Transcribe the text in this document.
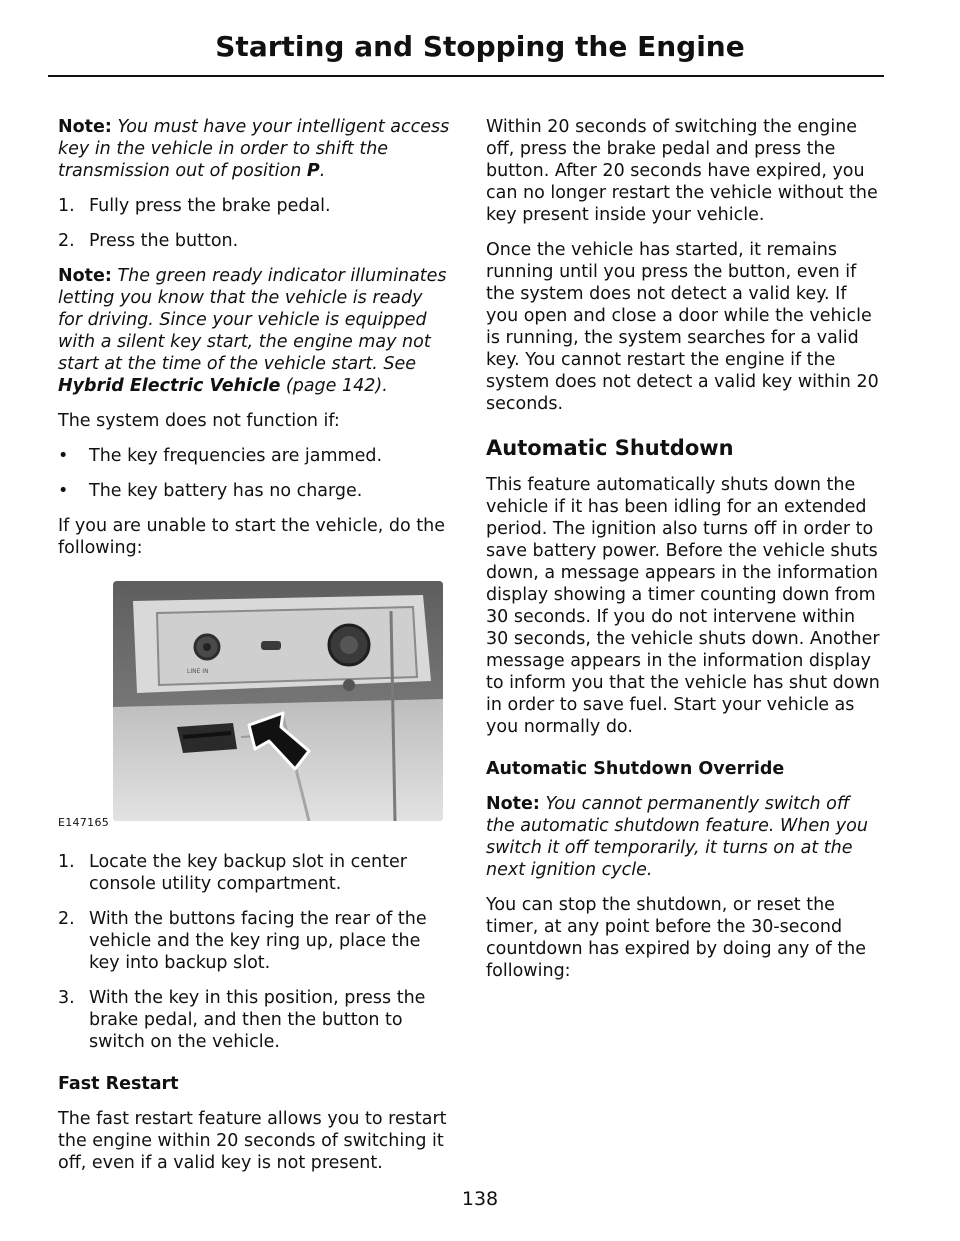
Starting and Stopping the Engine

Note: You must have your intelligent access key in the vehicle in order to shift the transmission out of position P.

1. Fully press the brake pedal.
2. Press the button.

Note: The green ready indicator illuminates letting you know that the vehicle is ready for driving. Since your vehicle is equipped with a silent key start, the engine may not start at the time of the vehicle start. See Hybrid Electric Vehicle (page 142).

The system does not function if:

• The key frequencies are jammed.
• The key battery has no charge.

If you are unable to start the vehicle, do the following:

LINE IN
E147165
1. Locate the key backup slot in center console utility compartment.
2. With the buttons facing the rear of the vehicle and the key ring up, place the key into backup slot.
3. With the key in this position, press the brake pedal, and then the button to switch on the vehicle.
Fast Restart

The fast restart feature allows you to restart the engine within 20 seconds of switching it off, even if a valid key is not present.

Within 20 seconds of switching the engine off, press the brake pedal and press the button. After 20 seconds have expired, you can no longer restart the vehicle without the key present inside your vehicle.

Once the vehicle has started, it remains running until you press the button, even if the system does not detect a valid key. If you open and close a door while the vehicle is running, the system searches for a valid key. You cannot restart the engine if the system does not detect a valid key within 20 seconds.

Automatic Shutdown

This feature automatically shuts down the vehicle if it has been idling for an extended period. The ignition also turns off in order to save battery power. Before the vehicle shuts down, a message appears in the information display showing a timer counting down from 30 seconds. If you do not intervene within 30 seconds, the vehicle shuts down. Another message appears in the information display to inform you that the vehicle has shut down in order to save fuel. Start your vehicle as you normally do.

Automatic Shutdown Override

Note: You cannot permanently switch off the automatic shutdown feature. When you switch it off temporarily, it turns on at the next ignition cycle.

You can stop the shutdown, or reset the timer, at any point before the 30-second countdown has expired by doing any of the following:

138
